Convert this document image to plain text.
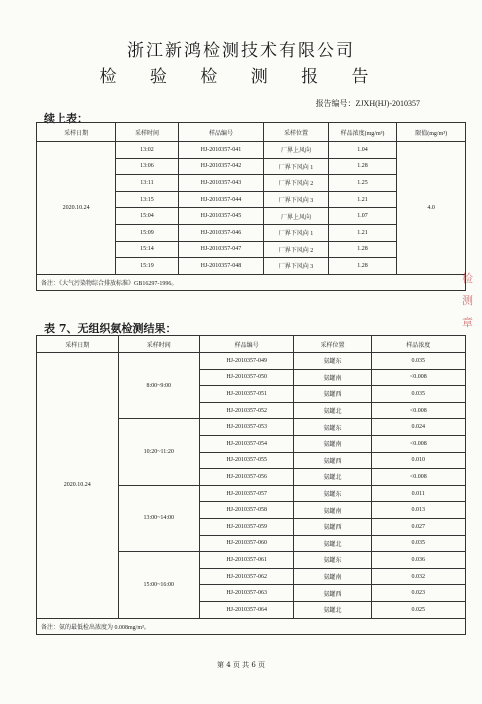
浙江新鸿检测技术有限公司
检 验 检 测 报 告
报告编号：ZJXH(HJ)-2010357
续上表：
采样日期	采样时间	样品编号	采样位置	样品浓度(mg/m³)	限值(mg/m³)
2020.10.24	13:02	HJ-2010357-041	厂界上风向	1.04	4.0
	13:06	HJ-2010357-042	厂界下风向 1	1.28	
	13:11	HJ-2010357-043	厂界下风向 2	1.25	
	13:15	HJ-2010357-044	厂界下风向 3	1.21	
	15:04	HJ-2010357-045	厂界上风向	1.07	
	15:09	HJ-2010357-046	厂界下风向 1	1.21	
	15:14	HJ-2010357-047	厂界下风向 2	1.28	
	15:19	HJ-2010357-048	厂界下风向 3	1.28	
备注：《大气污染物综合排放标准》GB16297-1996。					
表 7、无组织氨检测结果：
采样日期	采样时间	样品编号	采样位置	样品浓度
2020.10.24	8:00~9:00	HJ-2010357-049	氨罐东	0.035
		HJ-2010357-050	氨罐南	<0.008
		HJ-2010357-051	氨罐西	0.035
		HJ-2010357-052	氨罐北	<0.008
	10:20~11:20	HJ-2010357-053	氨罐东	0.024
		HJ-2010357-054	氨罐南	<0.008
		HJ-2010357-055	氨罐西	0.010
		HJ-2010357-056	氨罐北	<0.008
	13:00~14:00	HJ-2010357-057	氨罐东	0.011
		HJ-2010357-058	氨罐南	0.013
		HJ-2010357-059	氨罐西	0.027
		HJ-2010357-060	氨罐北	0.035
	15:00~16:00	HJ-2010357-061	氨罐东	0.036
		HJ-2010357-062	氨罐南	0.032
		HJ-2010357-063	氨罐西	0.023
		HJ-2010357-064	氨罐北	0.025
备注：氨的最低检出浓度为 0.008mg/m³。				
第 4 页 共 6 页
检
测
章
